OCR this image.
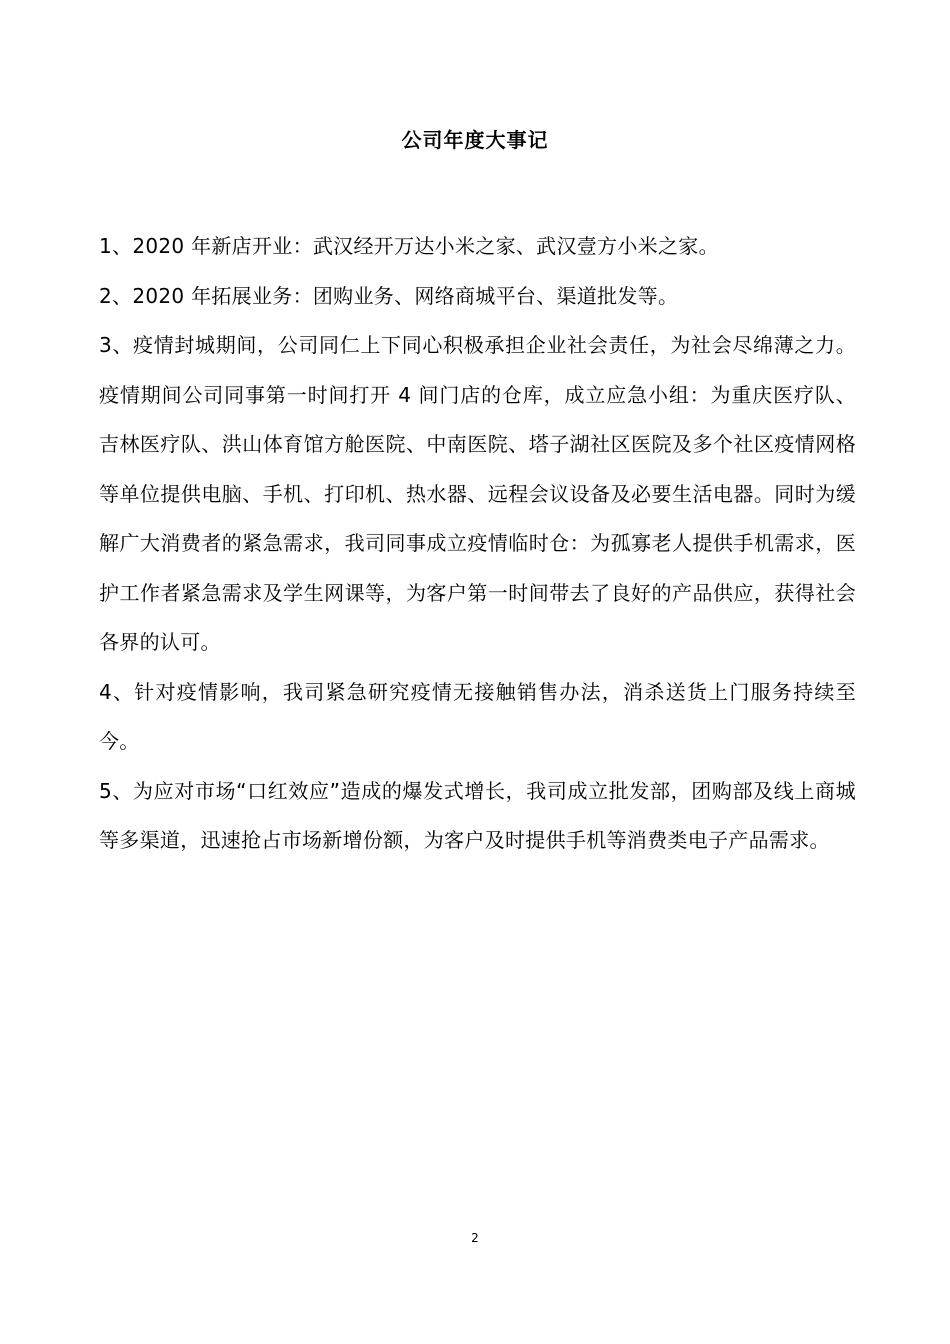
公司年度大事记

1、2020 年新店开业：武汉经开万达小米之家、武汉壹方小米之家。

2、2020 年拓展业务：团购业务、网络商城平台、渠道批发等。

3、疫情封城期间，公司同仁上下同心积极承担企业社会责任，为社会尽绵薄之力。疫情期间公司同事第一时间打开 4 间门店的仓库，成立应急小组：为重庆医疗队、吉林医疗队、洪山体育馆方舱医院、中南医院、塔子湖社区医院及多个社区疫情网格等单位提供电脑、手机、打印机、热水器、远程会议设备及必要生活电器。同时为缓解广大消费者的紧急需求，我司同事成立疫情临时仓：为孤寡老人提供手机需求，医护工作者紧急需求及学生网课等，为客户第一时间带去了良好的产品供应，获得社会各界的认可。

4、针对疫情影响，我司紧急研究疫情无接触销售办法，消杀送货上门服务持续至今。

5、为应对市场“口红效应”造成的爆发式增长，我司成立批发部，团购部及线上商城等多渠道，迅速抢占市场新增份额，为客户及时提供手机等消费类电子产品需求。

2
